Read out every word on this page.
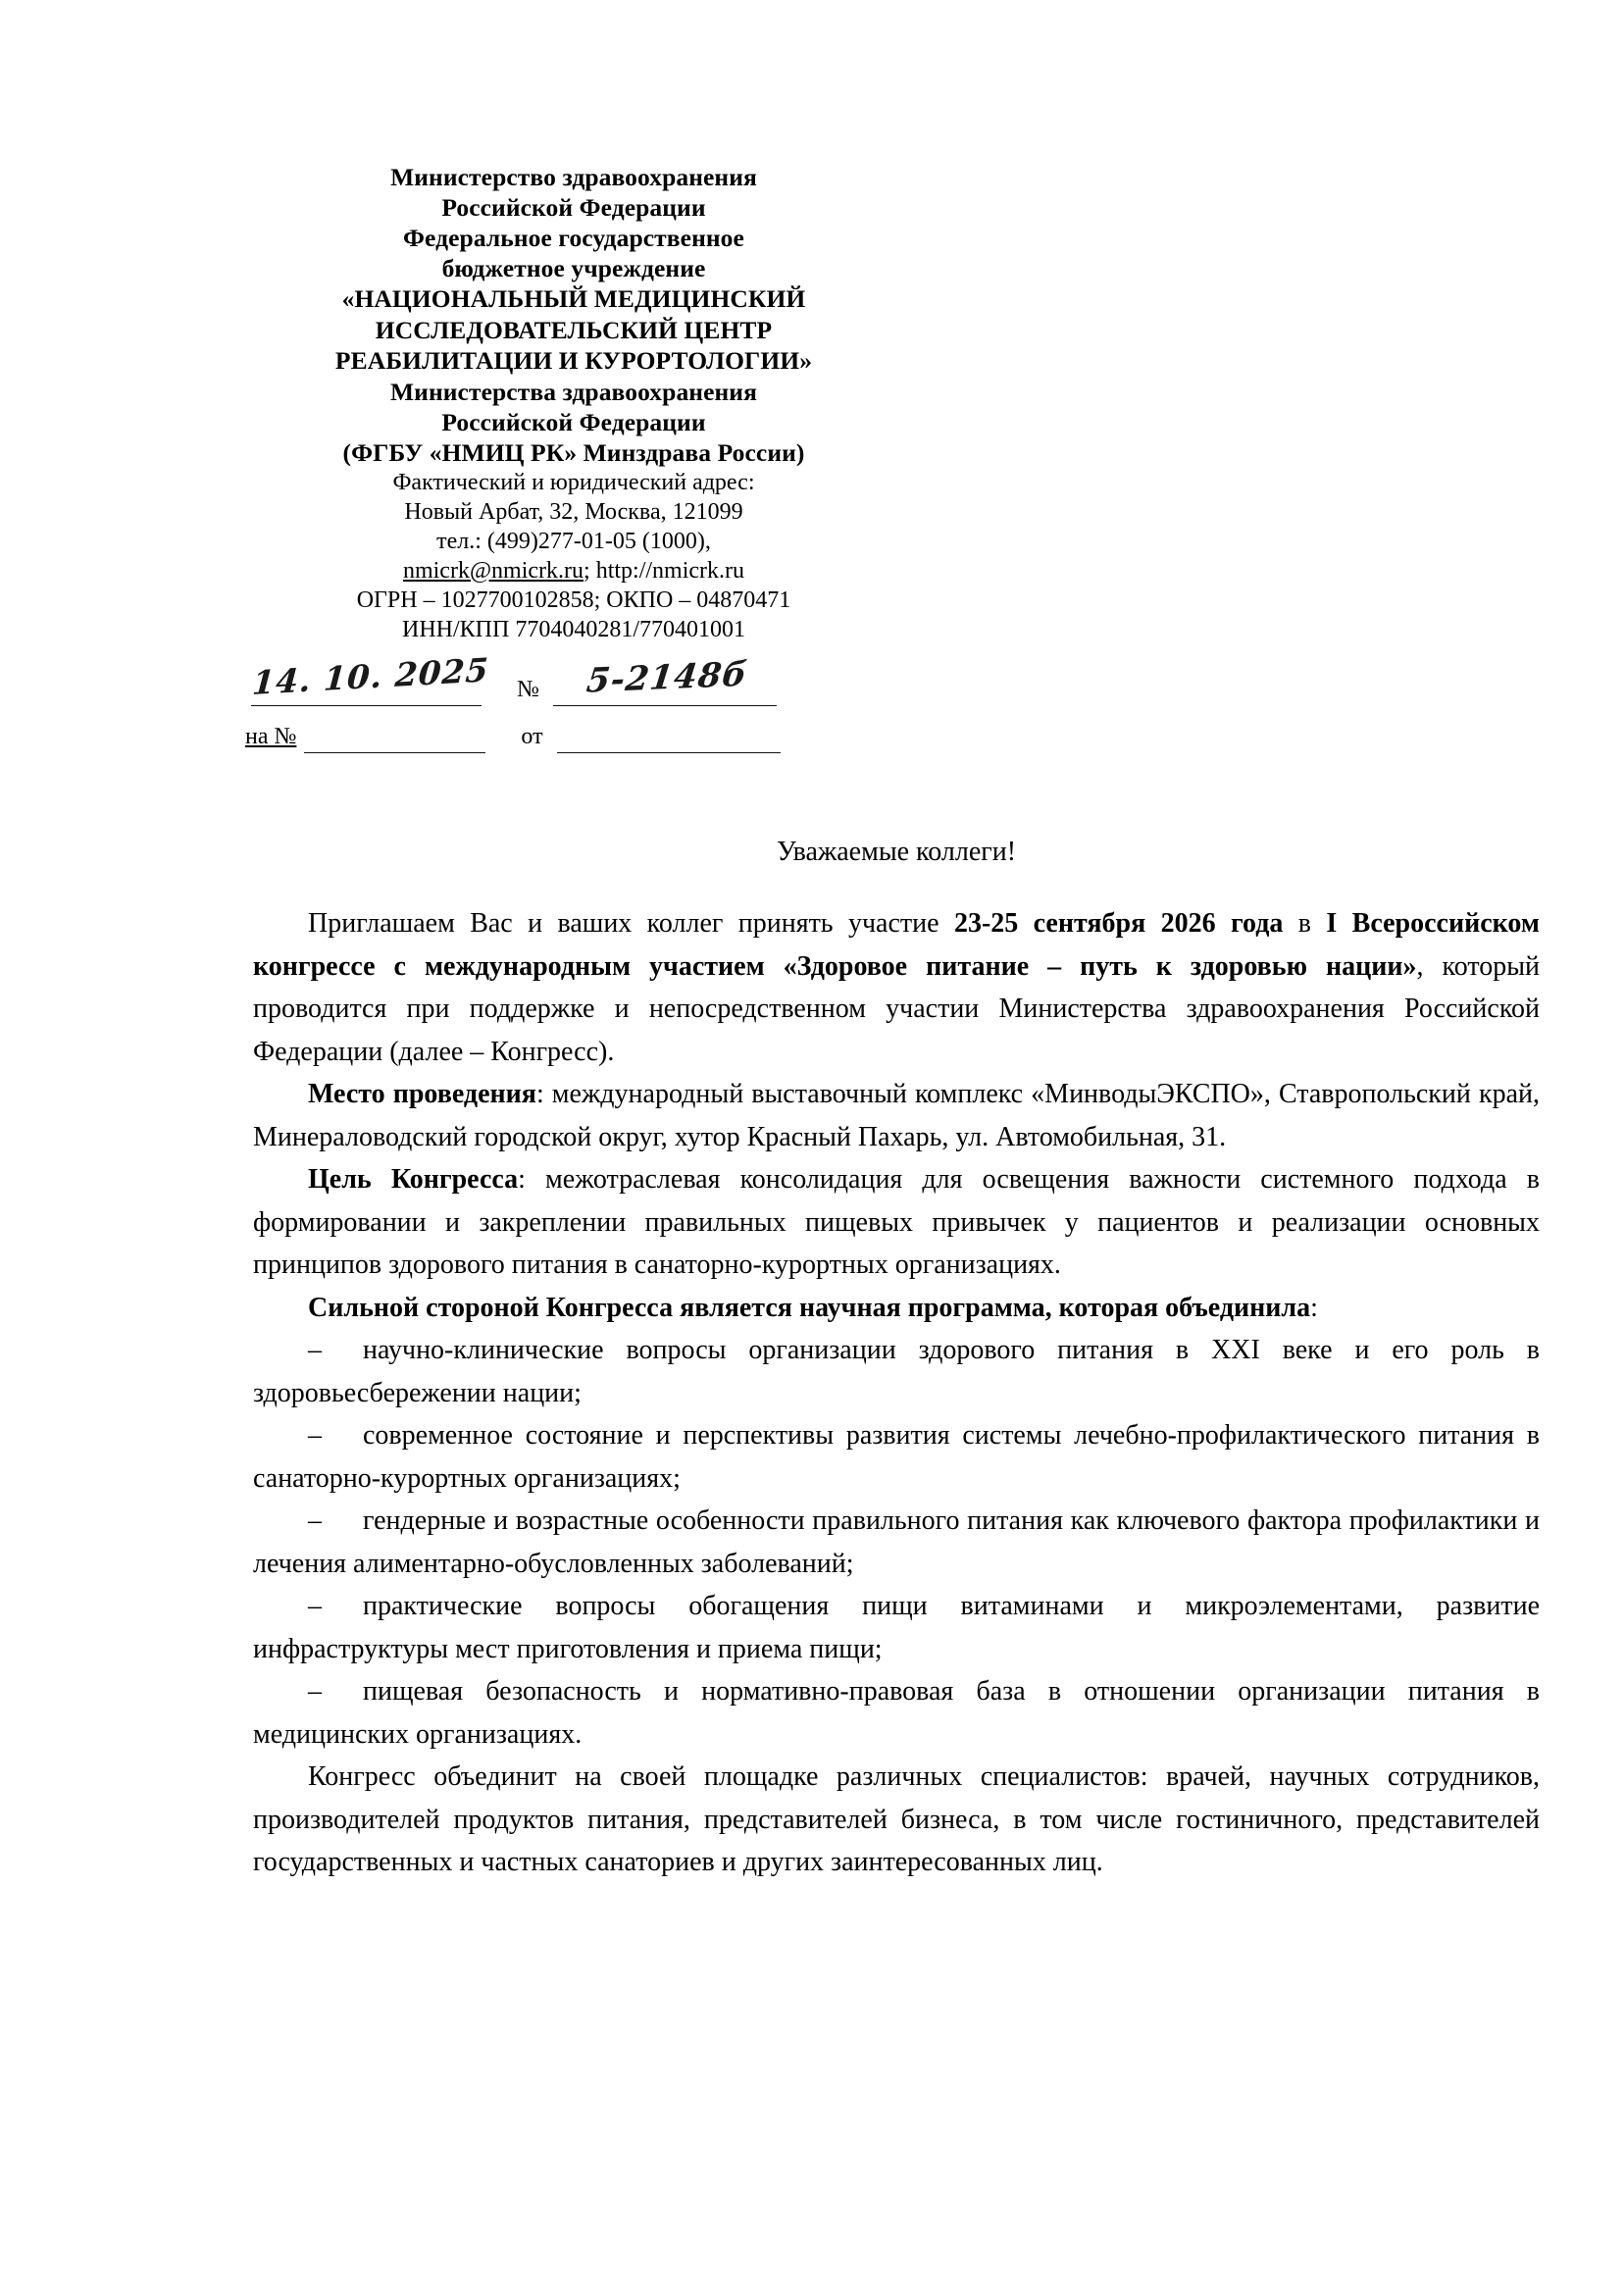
Министерство здравоохранения
Российской Федерации
Федеральное государственное
бюджетное учреждение
«НАЦИОНАЛЬНЫЙ МЕДИЦИНСКИЙ
ИССЛЕДОВАТЕЛЬСКИЙ ЦЕНТР
РЕАБИЛИТАЦИИ И КУРОРТОЛОГИИ»
Министерства здравоохранения
Российской Федерации
(ФГБУ «НМИЦ РК» Минздрава России)
Фактический и юридический адрес:
Новый Арбат, 32, Москва, 121099
тел.: (499)277-01-05 (1000),
nmicrk@nmicrk.ru; http://nmicrk.ru
ОГРН – 1027700102858; ОКПО – 04870471
ИНН/КПП 7704040281/770401001
14. 10. 2025 №	5-2148б
на №	от
Уважаемые коллеги!

Приглашаем Вас и ваших коллег принять участие 23-25 сентября 2026 года в I Всероссийском конгрессе с международным участием «Здоровое питание – путь к здоровью нации», который проводится при поддержке и непосредственном участии Министерства здравоохранения Российской Федерации (далее – Конгресс).

Место проведения: международный выставочный комплекс «МинводыЭКСПО», Ставропольский край, Минераловодский городской округ, хутор Красный Пахарь, ул. Автомобильная, 31.

Цель Конгресса: межотраслевая консолидация для освещения важности системного подхода в формировании и закреплении правильных пищевых привычек у пациентов и реализации основных принципов здорового питания в санаторно-курортных организациях.

Сильной стороной Конгресса является научная программа, которая объединила:

– научно-клинические вопросы организации здорового питания в XXI веке и его роль в здоровьесбережении нации;

– современное состояние и перспективы развития системы лечебно-профилактического питания в санаторно-курортных организациях;

– гендерные и возрастные особенности правильного питания как ключевого фактора профилактики и лечения алиментарно-обусловленных заболеваний;

– практические вопросы обогащения пищи витаминами и микроэлементами, развитие инфраструктуры мест приготовления и приема пищи;

– пищевая безопасность и нормативно-правовая база в отношении организации питания в медицинских организациях.

Конгресс объединит на своей площадке различных специалистов: врачей, научных сотрудников, производителей продуктов питания, представителей бизнеса, в том числе гостиничного, представителей государственных и частных санаториев и других заинтересованных лиц.
